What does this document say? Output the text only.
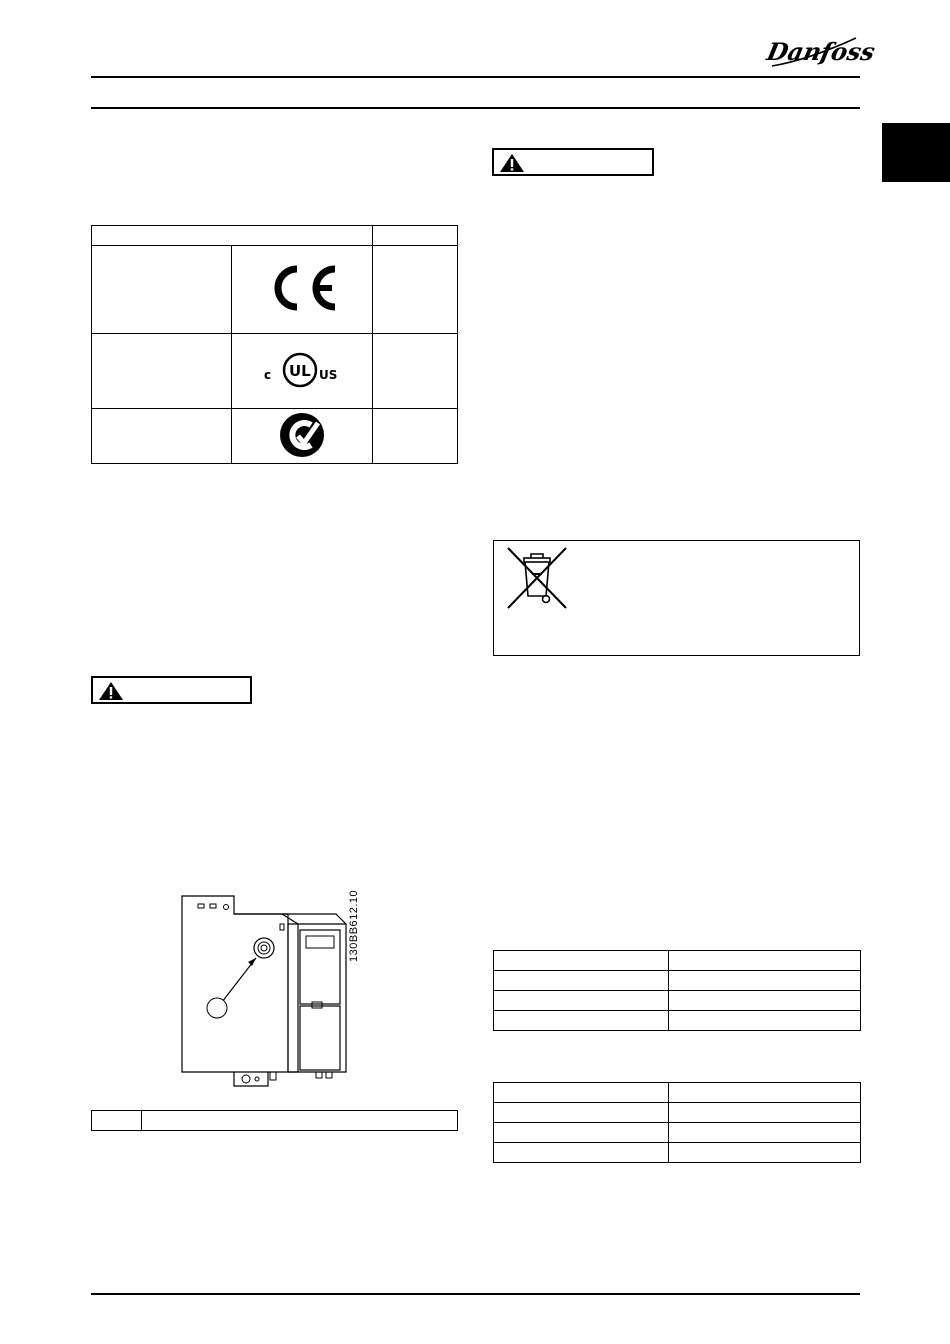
Danfoss

c UL US	

130BB612.10
